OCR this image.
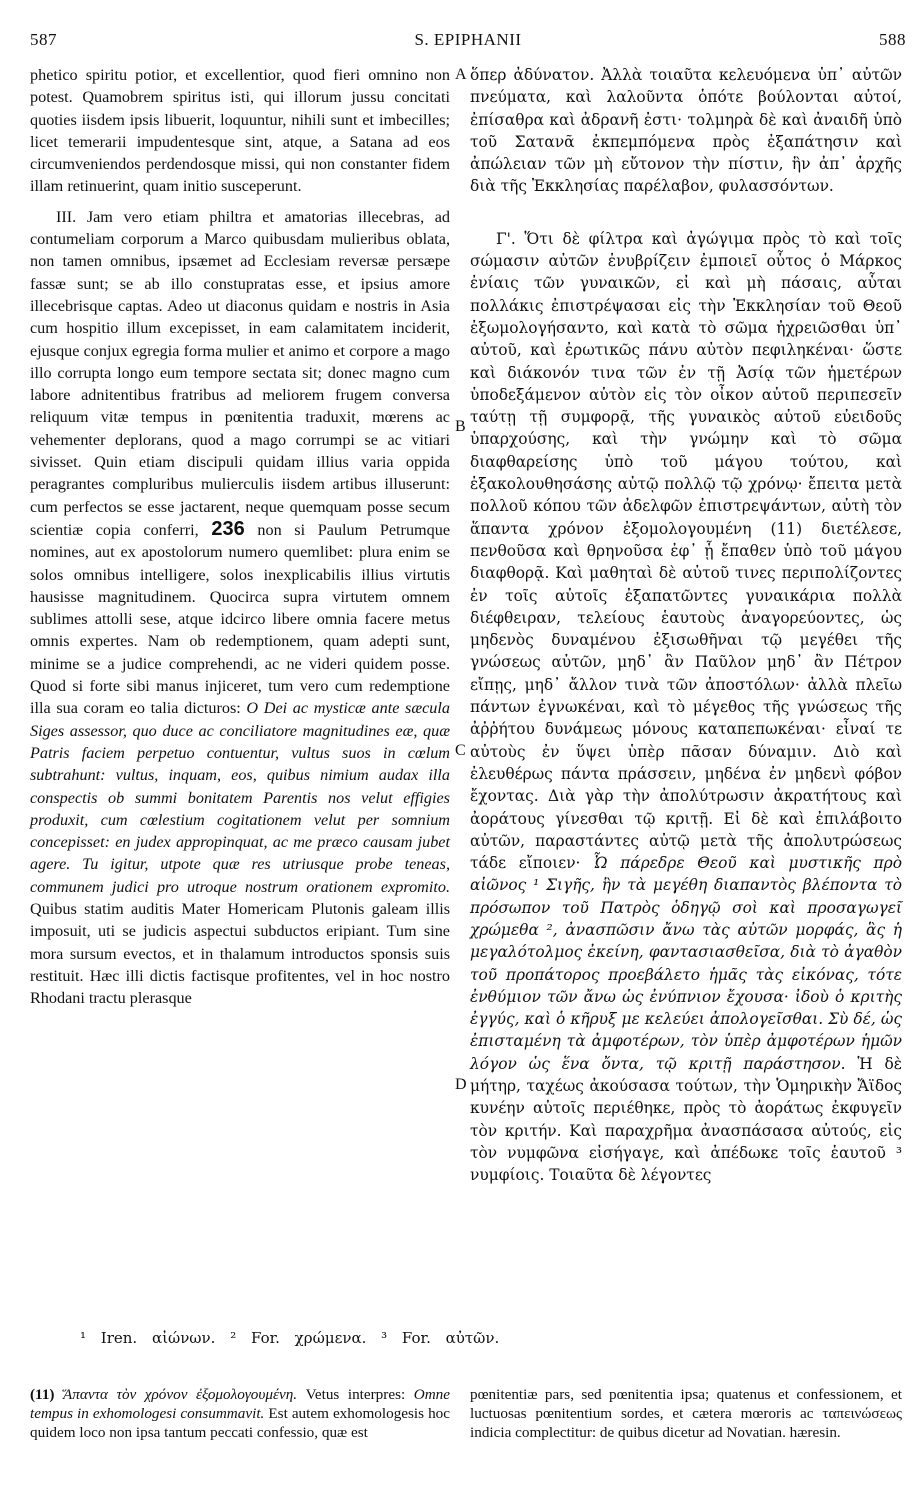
587	S. EPIPHANII	588

phetico spiritu potior, et excellentior, quod fieri omnino non potest. Quamobrem spiritus isti, qui illorum jussu concitati quoties iisdem ipsis libuerit, loquuntur, nihili sunt et imbecilles; licet temerarii impudentesque sint, atque, a Satana ad eos circumveniendos perdendosque missi, qui non constanter fidem illam retinuerint, quam initio susceperunt.

III. Jam vero etiam philtra et amatorias illecebras, ad contumeliam corporum a Marco quibusdam mulieribus oblata, non tamen omnibus, ipsæmet ad Ecclesiam reversæ persæpe fassæ sunt; se ab illo constupratas esse, et ipsius amore illecebrisque captas. Adeo ut diaconus quidam e nostris in Asia cum hospitio illum excepisset, in eam calamitatem inciderit, ejusque conjux egregia forma mulier et animo et corpore a mago illo corrupta longo eum tempore sectata sit; donec magno cum labore adnitentibus fratribus ad meliorem frugem conversa reliquum vitæ tempus in pœnitentia traduxit, mœrens ac vehementer deplorans, quod a mago corrumpi se ac vitiari sivisset. Quin etiam discipuli quidam illius varia oppida peragrantes compluribus mulierculis iisdem artibus illuserunt: cum perfectos se esse jactarent, neque quemquam posse secum scientiæ copia conferri, 236 non si Paulum Petrumque nomines, aut ex apostolorum numero quemlibet: plura enim se solos omnibus intelligere, solos inexplicabilis illius virtutis hausisse magnitudinem. Quocirca supra virtutem omnem sublimes attolli sese, atque idcirco libere omnia facere metus omnis expertes. Nam ob redemptionem, quam adepti sunt, minime se a judice comprehendi, ac ne videri quidem posse. Quod si forte sibi manus injiceret, tum vero cum redemptione illa sua coram eo talia dicturos: O Dei ac mysticæ ante sæcula Siges assessor, quo duce ac conciliatore magnitudines eæ, quæ Patris faciem perpetuo contuentur, vultus suos in cœlum subtrahunt: vultus, inquam, eos, quibus nimium audax illa conspectis ob summi bonitatem Parentis nos velut effigies produxit, cum cœlestium cogitationem velut per somnium concepisset: en judex appropinquat, ac me præco causam jubet agere. Tu igitur, utpote quæ res utriusque probe teneas, communem judici pro utroque nostrum orationem expromito. Quibus statim auditis Mater Homericam Plutonis galeam illis imposuit, uti se judicis aspectui subductos eripiant. Tum sine mora sursum evectos, et in thalamum introductos sponsis suis restituit. Hæc illi dictis factisque profitentes, vel in hoc nostro Rhodani tractu plerasque

ὅπερ ἀδύνατον. Ἀλλὰ τοιαῦτα κελευόμενα ὑπ᾽ αὐτῶν πνεύματα, καὶ λαλοῦντα ὁπότε βούλονται αὐτοί, ἐπίσαθρα καὶ ἀδρανῆ ἐστι· τολμηρὰ δὲ καὶ ἀναιδῆ ὑπὸ τοῦ Σατανᾶ ἐκπεμπόμενα πρὸς ἐξαπάτησιν καὶ ἀπώλειαν τῶν μὴ εὔτονον τὴν πίστιν, ἣν ἀπ᾽ ἀρχῆς διὰ τῆς Ἐκκλησίας παρέλαβον, φυλασσόντων.

Γ'. Ὅτι δὲ φίλτρα καὶ ἀγώγιμα πρὸς τὸ καὶ τοῖς σώμασιν αὐτῶν ἐνυβρίζειν ἐμποιεῖ οὗτος ὁ Μάρκος ἐνίαις τῶν γυναικῶν, εἰ καὶ μὴ πάσαις, αὗται πολλάκις ἐπιστρέψασαι εἰς τὴν Ἐκκλησίαν τοῦ Θεοῦ ἐξωμολογήσαντο, καὶ κατὰ τὸ σῶμα ἠχρειῶσθαι ὑπ᾽ αὐτοῦ, καὶ ἐρωτικῶς πάνυ αὐτὸν πεφιληκέναι· ὥστε καὶ διάκονόν τινα τῶν ἐν τῇ Ἀσίᾳ τῶν ἡμετέρων ὑποδεξάμενον αὐτὸν εἰς τὸν οἶκον αὐτοῦ περιπεσεῖν ταύτῃ τῇ συμφορᾷ, τῆς γυναικὸς αὐτοῦ εὐειδοῦς ὑπαρχούσης, καὶ τὴν γνώμην καὶ τὸ σῶμα διαφθαρείσης ὑπὸ τοῦ μάγου τούτου, καὶ ἐξακολουθησάσης αὐτῷ πολλῷ τῷ χρόνῳ· ἔπειτα μετὰ πολλοῦ κόπου τῶν ἀδελφῶν ἐπιστρεψάντων, αὐτὴ τὸν ἅπαντα χρόνον ἐξομολογουμένη (11) διετέλεσε, πενθοῦσα καὶ θρηνοῦσα ἐφ᾽ ᾗ ἔπαθεν ὑπὸ τοῦ μάγου διαφθορᾷ. Καὶ μαθηταὶ δὲ αὐτοῦ τινες περιπολίζοντες ἐν τοῖς αὐτοῖς ἐξαπατῶντες γυναικάρια πολλὰ διέφθειραν, τελείους ἑαυτοὺς ἀναγορεύοντες, ὡς μηδενὸς δυναμένου ἐξισωθῆναι τῷ μεγέθει τῆς γνώσεως αὐτῶν, μηδ᾽ ἂν Παῦλον μηδ᾽ ἂν Πέτρον εἴπῃς, μηδ᾽ ἄλλον τινὰ τῶν ἀποστόλων· ἀλλὰ πλεῖω πάντων ἐγνωκέναι, καὶ τὸ μέγεθος τῆς γνώσεως τῆς ἀῤῥήτου δυνάμεως μόνους καταπεπωκέναι· εἶναί τε αὐτοὺς ἐν ὕψει ὑπὲρ πᾶσαν δύναμιν. Διὸ καὶ ἐλευθέρως πάντα πράσσειν, μηδένα ἐν μηδενὶ φόβον ἔχοντας. Διὰ γὰρ τὴν ἀπολύτρωσιν ἀκρατήτους καὶ ἀοράτους γίνεσθαι τῷ κριτῇ. Εἰ δὲ καὶ ἐπιλάβοιτο αὐτῶν, παραστάντες αὐτῷ μετὰ τῆς ἀπολυτρώσεως τάδε εἴποιεν· Ὦ πάρεδρε Θεοῦ καὶ μυστικῆς πρὸ αἰῶνος ¹ Σιγῆς, ἣν τὰ μεγέθη διαπαντὸς βλέποντα τὸ πρόσωπον τοῦ Πατρὸς ὁδηγῷ σοὶ καὶ προσαγωγεῖ χρώμεθα ², ἀνασπῶσιν ἄνω τὰς αὐτῶν μορφάς, ἃς ἡ μεγαλότολμος ἐκείνη, φαντασιασθεῖσα, διὰ τὸ ἀγαθὸν τοῦ προπάτορος προεβάλετο ἡμᾶς τὰς εἰκόνας, τότε ἐνθύμιον τῶν ἄνω ὡς ἐνύπνιον ἔχουσα· ἰδοὺ ὁ κριτὴς ἐγγύς, καὶ ὁ κῆρυξ με κελεύει ἀπολογεῖσθαι. Σὺ δέ, ὡς ἐπισταμένη τὰ ἀμφοτέρων, τὸν ὑπὲρ ἀμφοτέρων ἡμῶν λόγον ὡς ἕνα ὄντα, τῷ κριτῇ παράστησον. Ἡ δὲ μήτηρ, ταχέως ἀκούσασα τούτων, τὴν Ὁμηρικὴν Ἄϊδος κυνέην αὐτοῖς περιέθηκε, πρὸς τὸ ἀοράτως ἐκφυγεῖν τὸν κριτήν. Καὶ παραχρῆμα ἀνασπάσασα αὐτούς, εἰς τὸν νυμφῶνα εἰσήγαγε, καὶ ἀπέδωκε τοῖς ἑαυτοῦ ³ νυμφίοις. Τοιαῦτα δὲ λέγοντες

A
B
C
D
¹ Iren. αἰώνων. ² For. χρώμενα. ³ For. αὐτῶν.

(11) Ἅπαντα τὸν χρόνον ἐξομολογουμένη. Vetus interpres: Omne tempus in exhomologesi consummavit. Est autem exhomologesis hoc quidem loco non ipsa tantum peccati confessio, quæ est

pœnitentiæ pars, sed pœnitentia ipsa; quatenus et confessionem, et luctuosas pœnitentium sordes, et cætera mœroris ac ταπεινώσεως indicia complectitur: de quibus dicetur ad Novatian. hæresin.
